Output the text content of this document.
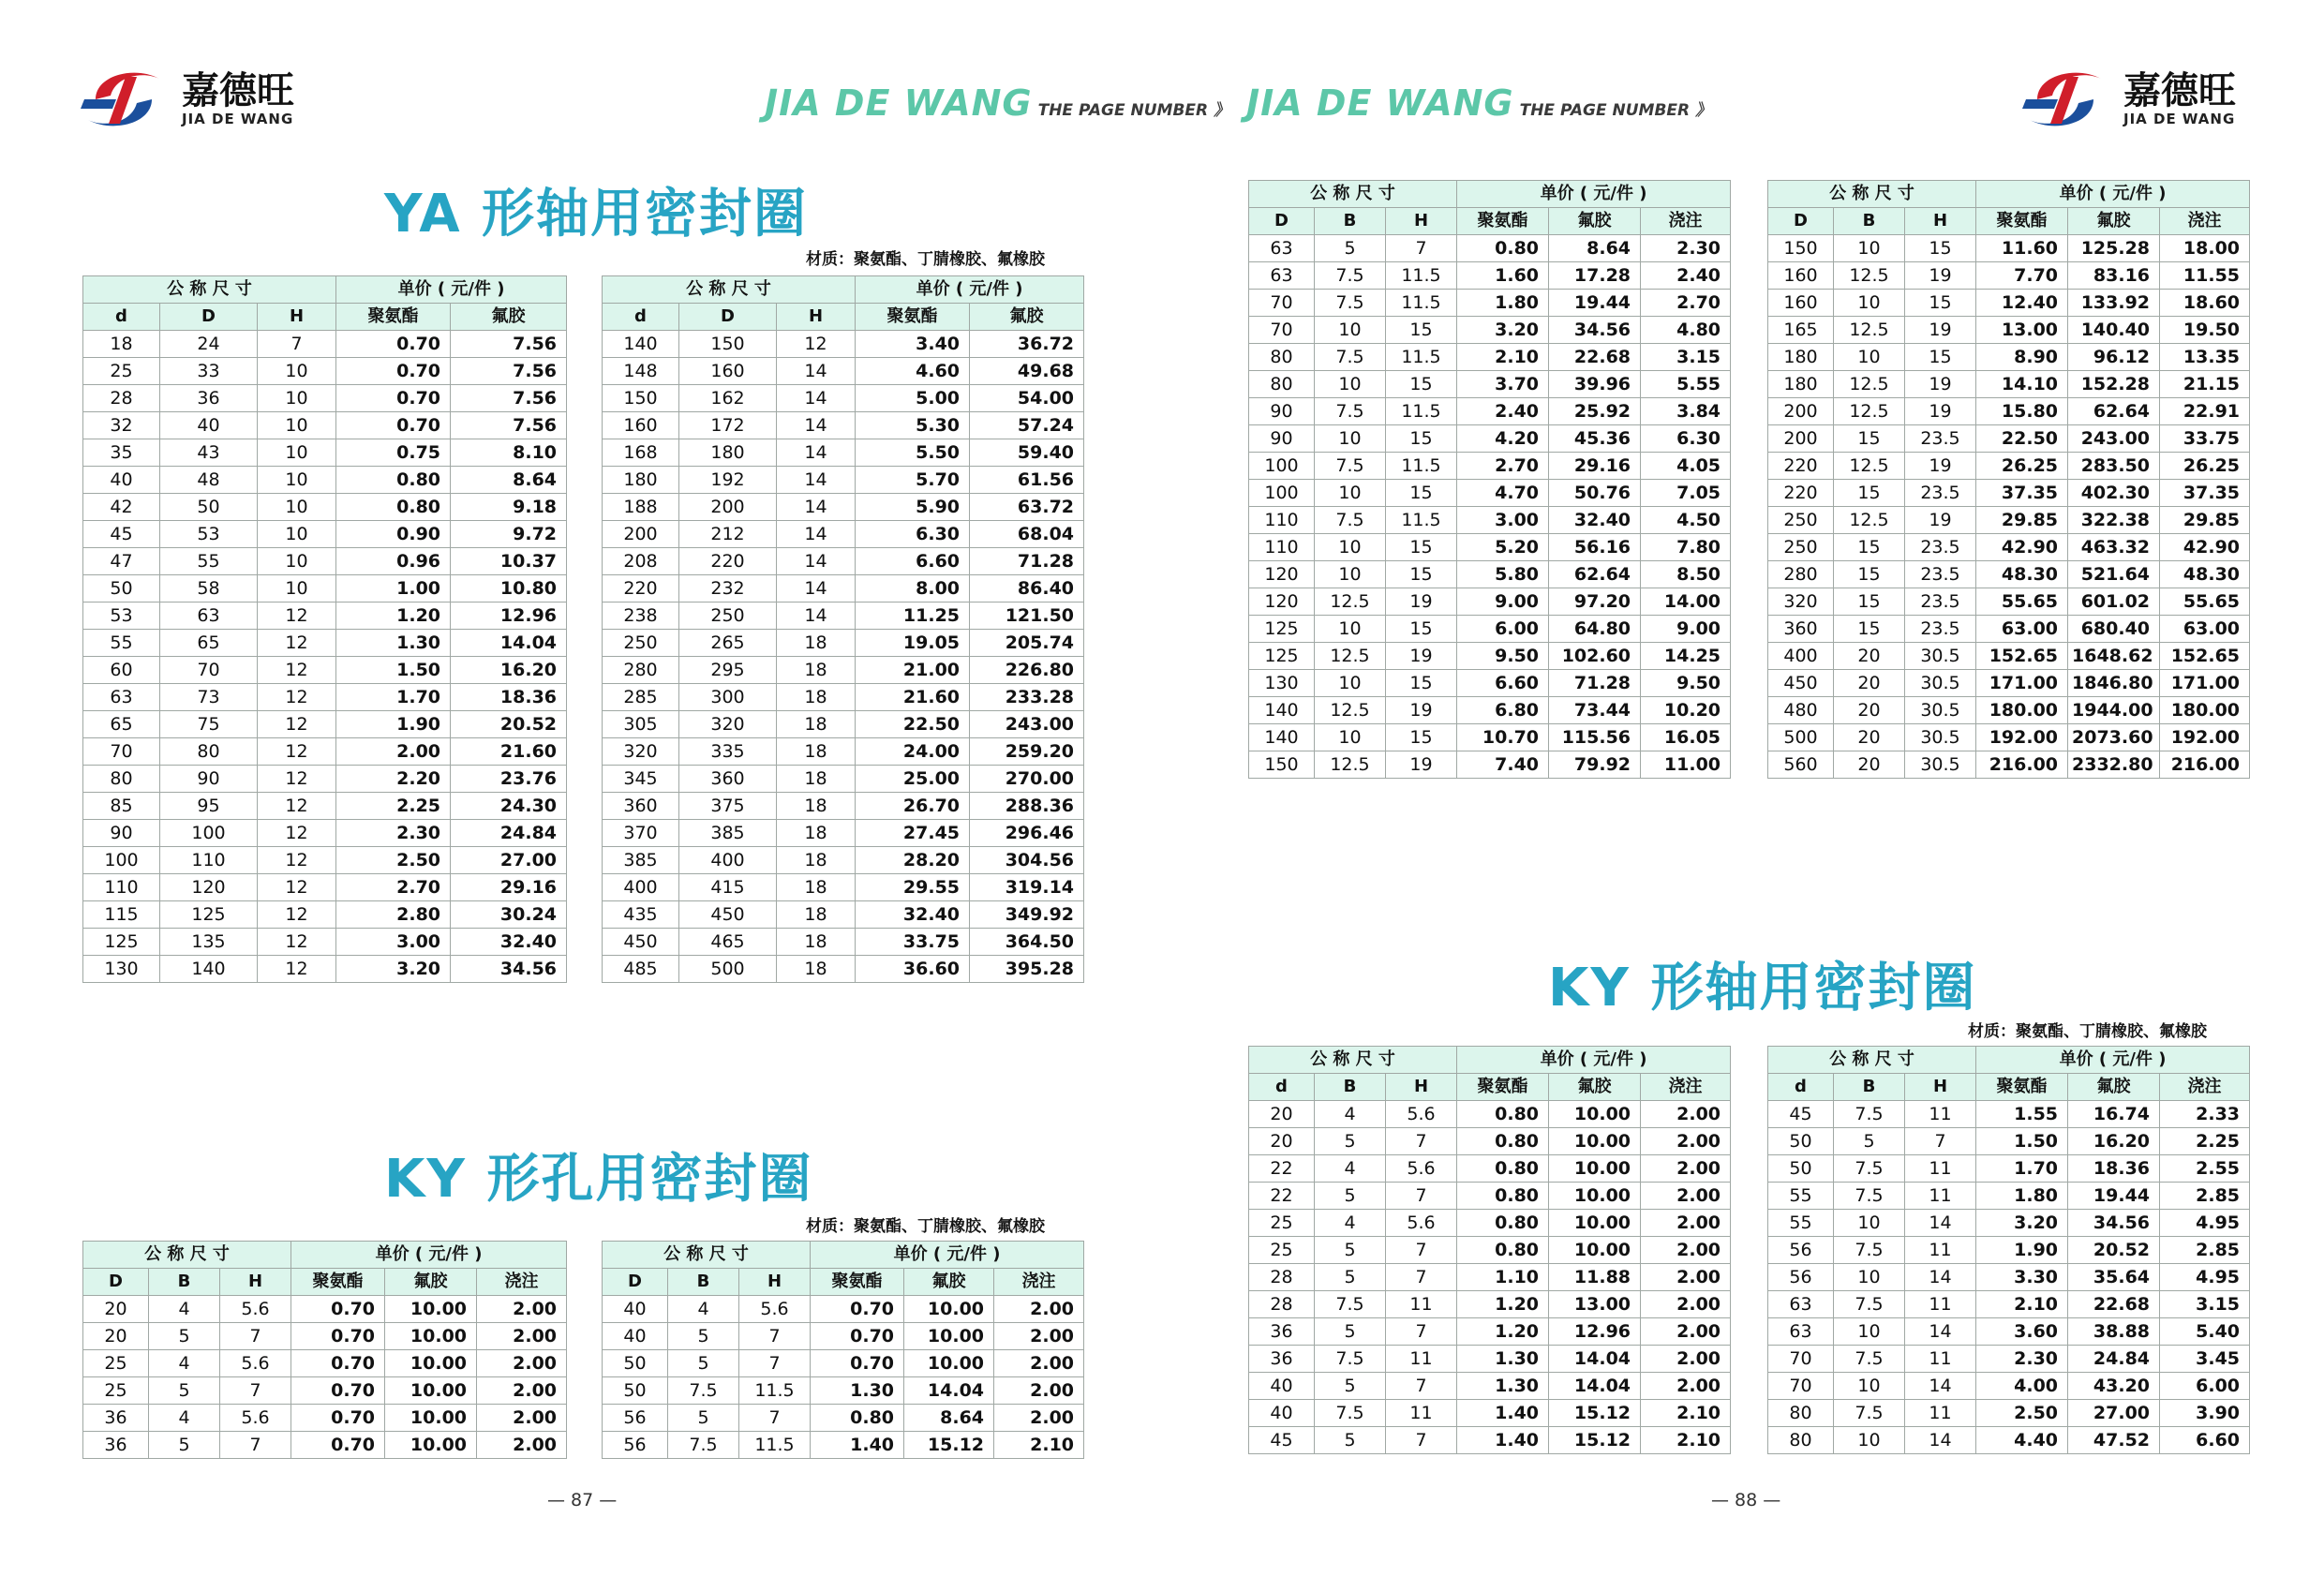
嘉德旺
JIA DE WANG	JIA DE WANG THE PAGE NUMBER 》 JIA DE WANG THE PAGE NUMBER 》	嘉德旺
JIA DE WANG
YA 形轴用密封圈
材质：聚氨酯、丁腈橡胶、氟橡胶
KY 形孔用密封圈
材质：聚氨酯、丁腈橡胶、氟橡胶
KY 形轴用密封圈
材质：聚氨酯、丁腈橡胶、氟橡胶
公 称 尺 寸			单价 ( 元/件 )	
d	D	H	聚氨酯	氟胶
18	24	7	0.70	7.56
25	33	10	0.70	7.56
28	36	10	0.70	7.56
32	40	10	0.70	7.56
35	43	10	0.75	8.10
40	48	10	0.80	8.64
42	50	10	0.80	9.18
45	53	10	0.90	9.72
47	55	10	0.96	10.37
50	58	10	1.00	10.80
53	63	12	1.20	12.96
55	65	12	1.30	14.04
60	70	12	1.50	16.20
63	73	12	1.70	18.36
65	75	12	1.90	20.52
70	80	12	2.00	21.60
80	90	12	2.20	23.76
85	95	12	2.25	24.30
90	100	12	2.30	24.84
100	110	12	2.50	27.00
110	120	12	2.70	29.16
115	125	12	2.80	30.24
125	135	12	3.00	32.40
130	140	12	3.20	34.56
公 称 尺 寸			单价 ( 元/件 )	
d	D	H	聚氨酯	氟胶
140	150	12	3.40	36.72
148	160	14	4.60	49.68
150	162	14	5.00	54.00
160	172	14	5.30	57.24
168	180	14	5.50	59.40
180	192	14	5.70	61.56
188	200	14	5.90	63.72
200	212	14	6.30	68.04
208	220	14	6.60	71.28
220	232	14	8.00	86.40
238	250	14	11.25	121.50
250	265	18	19.05	205.74
280	295	18	21.00	226.80
285	300	18	21.60	233.28
305	320	18	22.50	243.00
320	335	18	24.00	259.20
345	360	18	25.00	270.00
360	375	18	26.70	288.36
370	385	18	27.45	296.46
385	400	18	28.20	304.56
400	415	18	29.55	319.14
435	450	18	32.40	349.92
450	465	18	33.75	364.50
485	500	18	36.60	395.28
公 称 尺 寸			单价 ( 元/件 )		
D	B	H	聚氨酯	氟胶	浇注
20	4	5.6	0.70	10.00	2.00
20	5	7	0.70	10.00	2.00
25	4	5.6	0.70	10.00	2.00
25	5	7	0.70	10.00	2.00
36	4	5.6	0.70	10.00	2.00
36	5	7	0.70	10.00	2.00
公 称 尺 寸			单价 ( 元/件 )		
D	B	H	聚氨酯	氟胶	浇注
40	4	5.6	0.70	10.00	2.00
40	5	7	0.70	10.00	2.00
50	5	7	0.70	10.00	2.00
50	7.5	11.5	1.30	14.04	2.00
56	5	7	0.80	8.64	2.00
56	7.5	11.5	1.40	15.12	2.10
公 称 尺 寸			单价 ( 元/件 )		
D	B	H	聚氨酯	氟胶	浇注
63	5	7	0.80	8.64	2.30
63	7.5	11.5	1.60	17.28	2.40
70	7.5	11.5	1.80	19.44	2.70
70	10	15	3.20	34.56	4.80
80	7.5	11.5	2.10	22.68	3.15
80	10	15	3.70	39.96	5.55
90	7.5	11.5	2.40	25.92	3.84
90	10	15	4.20	45.36	6.30
100	7.5	11.5	2.70	29.16	4.05
100	10	15	4.70	50.76	7.05
110	7.5	11.5	3.00	32.40	4.50
110	10	15	5.20	56.16	7.80
120	10	15	5.80	62.64	8.50
120	12.5	19	9.00	97.20	14.00
125	10	15	6.00	64.80	9.00
125	12.5	19	9.50	102.60	14.25
130	10	15	6.60	71.28	9.50
140	12.5	19	6.80	73.44	10.20
140	10	15	10.70	115.56	16.05
150	12.5	19	7.40	79.92	11.00
公 称 尺 寸			单价 ( 元/件 )		
D	B	H	聚氨酯	氟胶	浇注
150	10	15	11.60	125.28	18.00
160	12.5	19	7.70	83.16	11.55
160	10	15	12.40	133.92	18.60
165	12.5	19	13.00	140.40	19.50
180	10	15	8.90	96.12	13.35
180	12.5	19	14.10	152.28	21.15
200	12.5	19	15.80	62.64	22.91
200	15	23.5	22.50	243.00	33.75
220	12.5	19	26.25	283.50	26.25
220	15	23.5	37.35	402.30	37.35
250	12.5	19	29.85	322.38	29.85
250	15	23.5	42.90	463.32	42.90
280	15	23.5	48.30	521.64	48.30
320	15	23.5	55.65	601.02	55.65
360	15	23.5	63.00	680.40	63.00
400	20	30.5	152.65	1648.62	152.65
450	20	30.5	171.00	1846.80	171.00
480	20	30.5	180.00	1944.00	180.00
500	20	30.5	192.00	2073.60	192.00
560	20	30.5	216.00	2332.80	216.00
公 称 尺 寸			单价 ( 元/件 )		
d	B	H	聚氨酯	氟胶	浇注
20	4	5.6	0.80	10.00	2.00
20	5	7	0.80	10.00	2.00
22	4	5.6	0.80	10.00	2.00
22	5	7	0.80	10.00	2.00
25	4	5.6	0.80	10.00	2.00
25	5	7	0.80	10.00	2.00
28	5	7	1.10	11.88	2.00
28	7.5	11	1.20	13.00	2.00
36	5	7	1.20	12.96	2.00
36	7.5	11	1.30	14.04	2.00
40	5	7	1.30	14.04	2.00
40	7.5	11	1.40	15.12	2.10
45	5	7	1.40	15.12	2.10
公 称 尺 寸			单价 ( 元/件 )		
d	B	H	聚氨酯	氟胶	浇注
45	7.5	11	1.55	16.74	2.33
50	5	7	1.50	16.20	2.25
50	7.5	11	1.70	18.36	2.55
55	7.5	11	1.80	19.44	2.85
55	10	14	3.20	34.56	4.95
56	7.5	11	1.90	20.52	2.85
56	10	14	3.30	35.64	4.95
63	7.5	11	2.10	22.68	3.15
63	10	14	3.60	38.88	5.40
70	7.5	11	2.30	24.84	3.45
70	10	14	4.00	43.20	6.00
80	7.5	11	2.50	27.00	3.90
80	10	14	4.40	47.52	6.60
— 87 —	— 88 —
